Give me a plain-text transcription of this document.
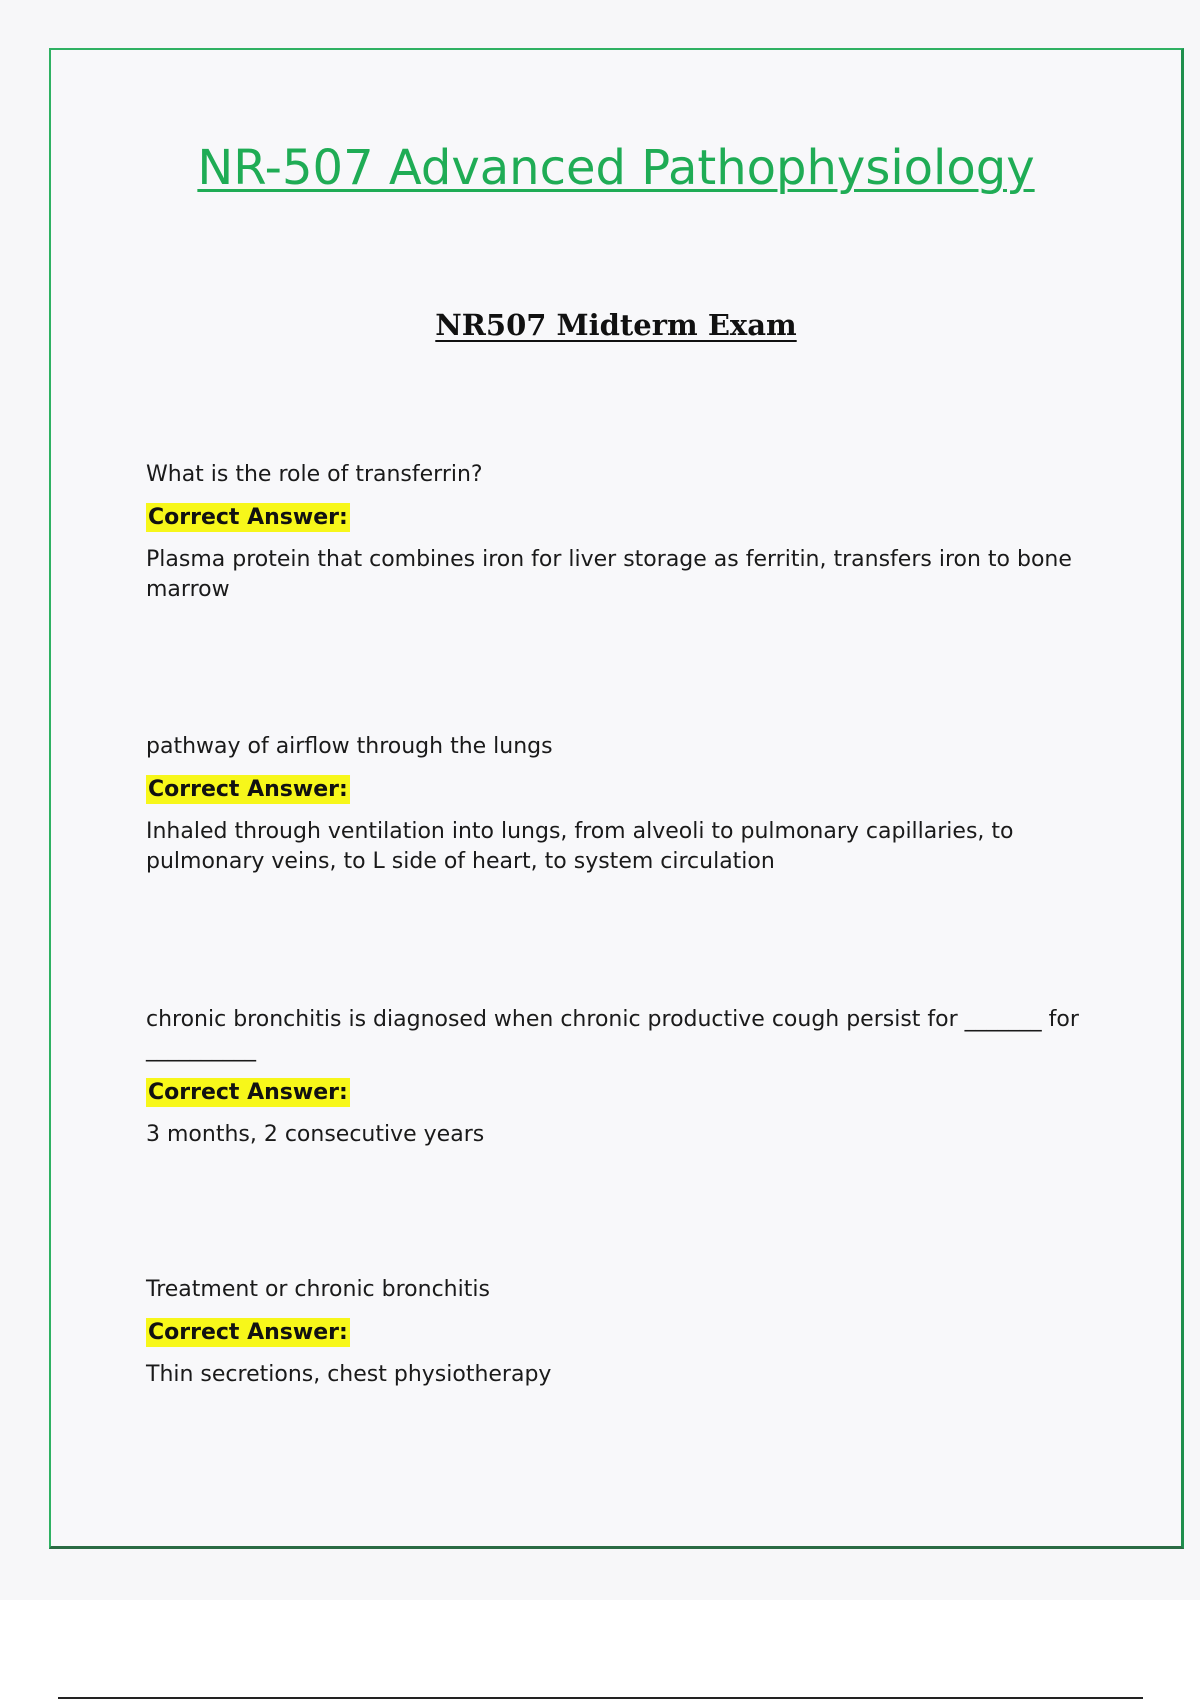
NR-507 Advanced Pathophysiology
NR507 Midterm Exam

What is the role of transferrin?

Correct Answer:

Plasma protein that combines iron for liver storage as ferritin, transfers iron to bone marrow

pathway of airflow through the lungs

Correct Answer:

Inhaled through ventilation into lungs, from alveoli to pulmonary capillaries, to pulmonary veins, to L side of heart, to system circulation

chronic bronchitis is diagnosed when chronic productive cough persist for _______ for __________

Correct Answer:

3 months, 2 consecutive years

Treatment or chronic bronchitis

Correct Answer:

Thin secretions, chest physiotherapy
